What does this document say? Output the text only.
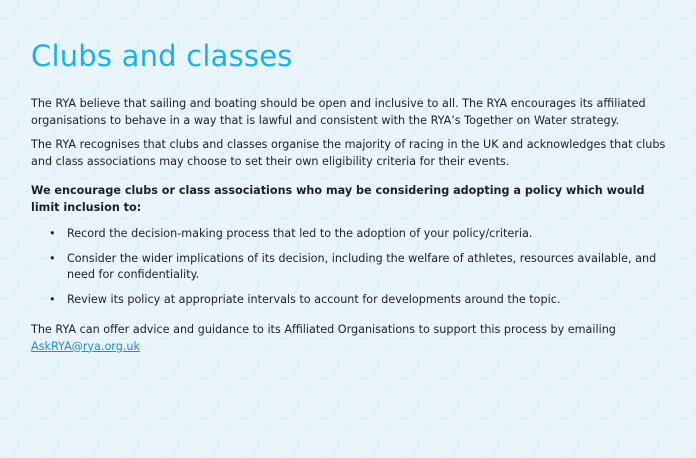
Clubs and classes

The RYA believe that sailing and boating should be open and inclusive to all. The RYA encourages its affiliated organisations to behave in a way that is lawful and consistent with the RYA’s Together on Water strategy.

The RYA recognises that clubs and classes organise the majority of racing in the UK and acknowledges that clubs and class associations may choose to set their own eligibility criteria for their events.

We encourage clubs or class associations who may be considering adopting a policy which would limit inclusion to:

• Record the decision-making process that led to the adoption of your policy/criteria.
• Consider the wider implications of its decision, including the welfare of athletes, resources available, and need for confidentiality.
• Review its policy at appropriate intervals to account for developments around the topic.

The RYA can offer advice and guidance to its Affiliated Organisations to support this process by emailing AskRYA@rya.org.uk
